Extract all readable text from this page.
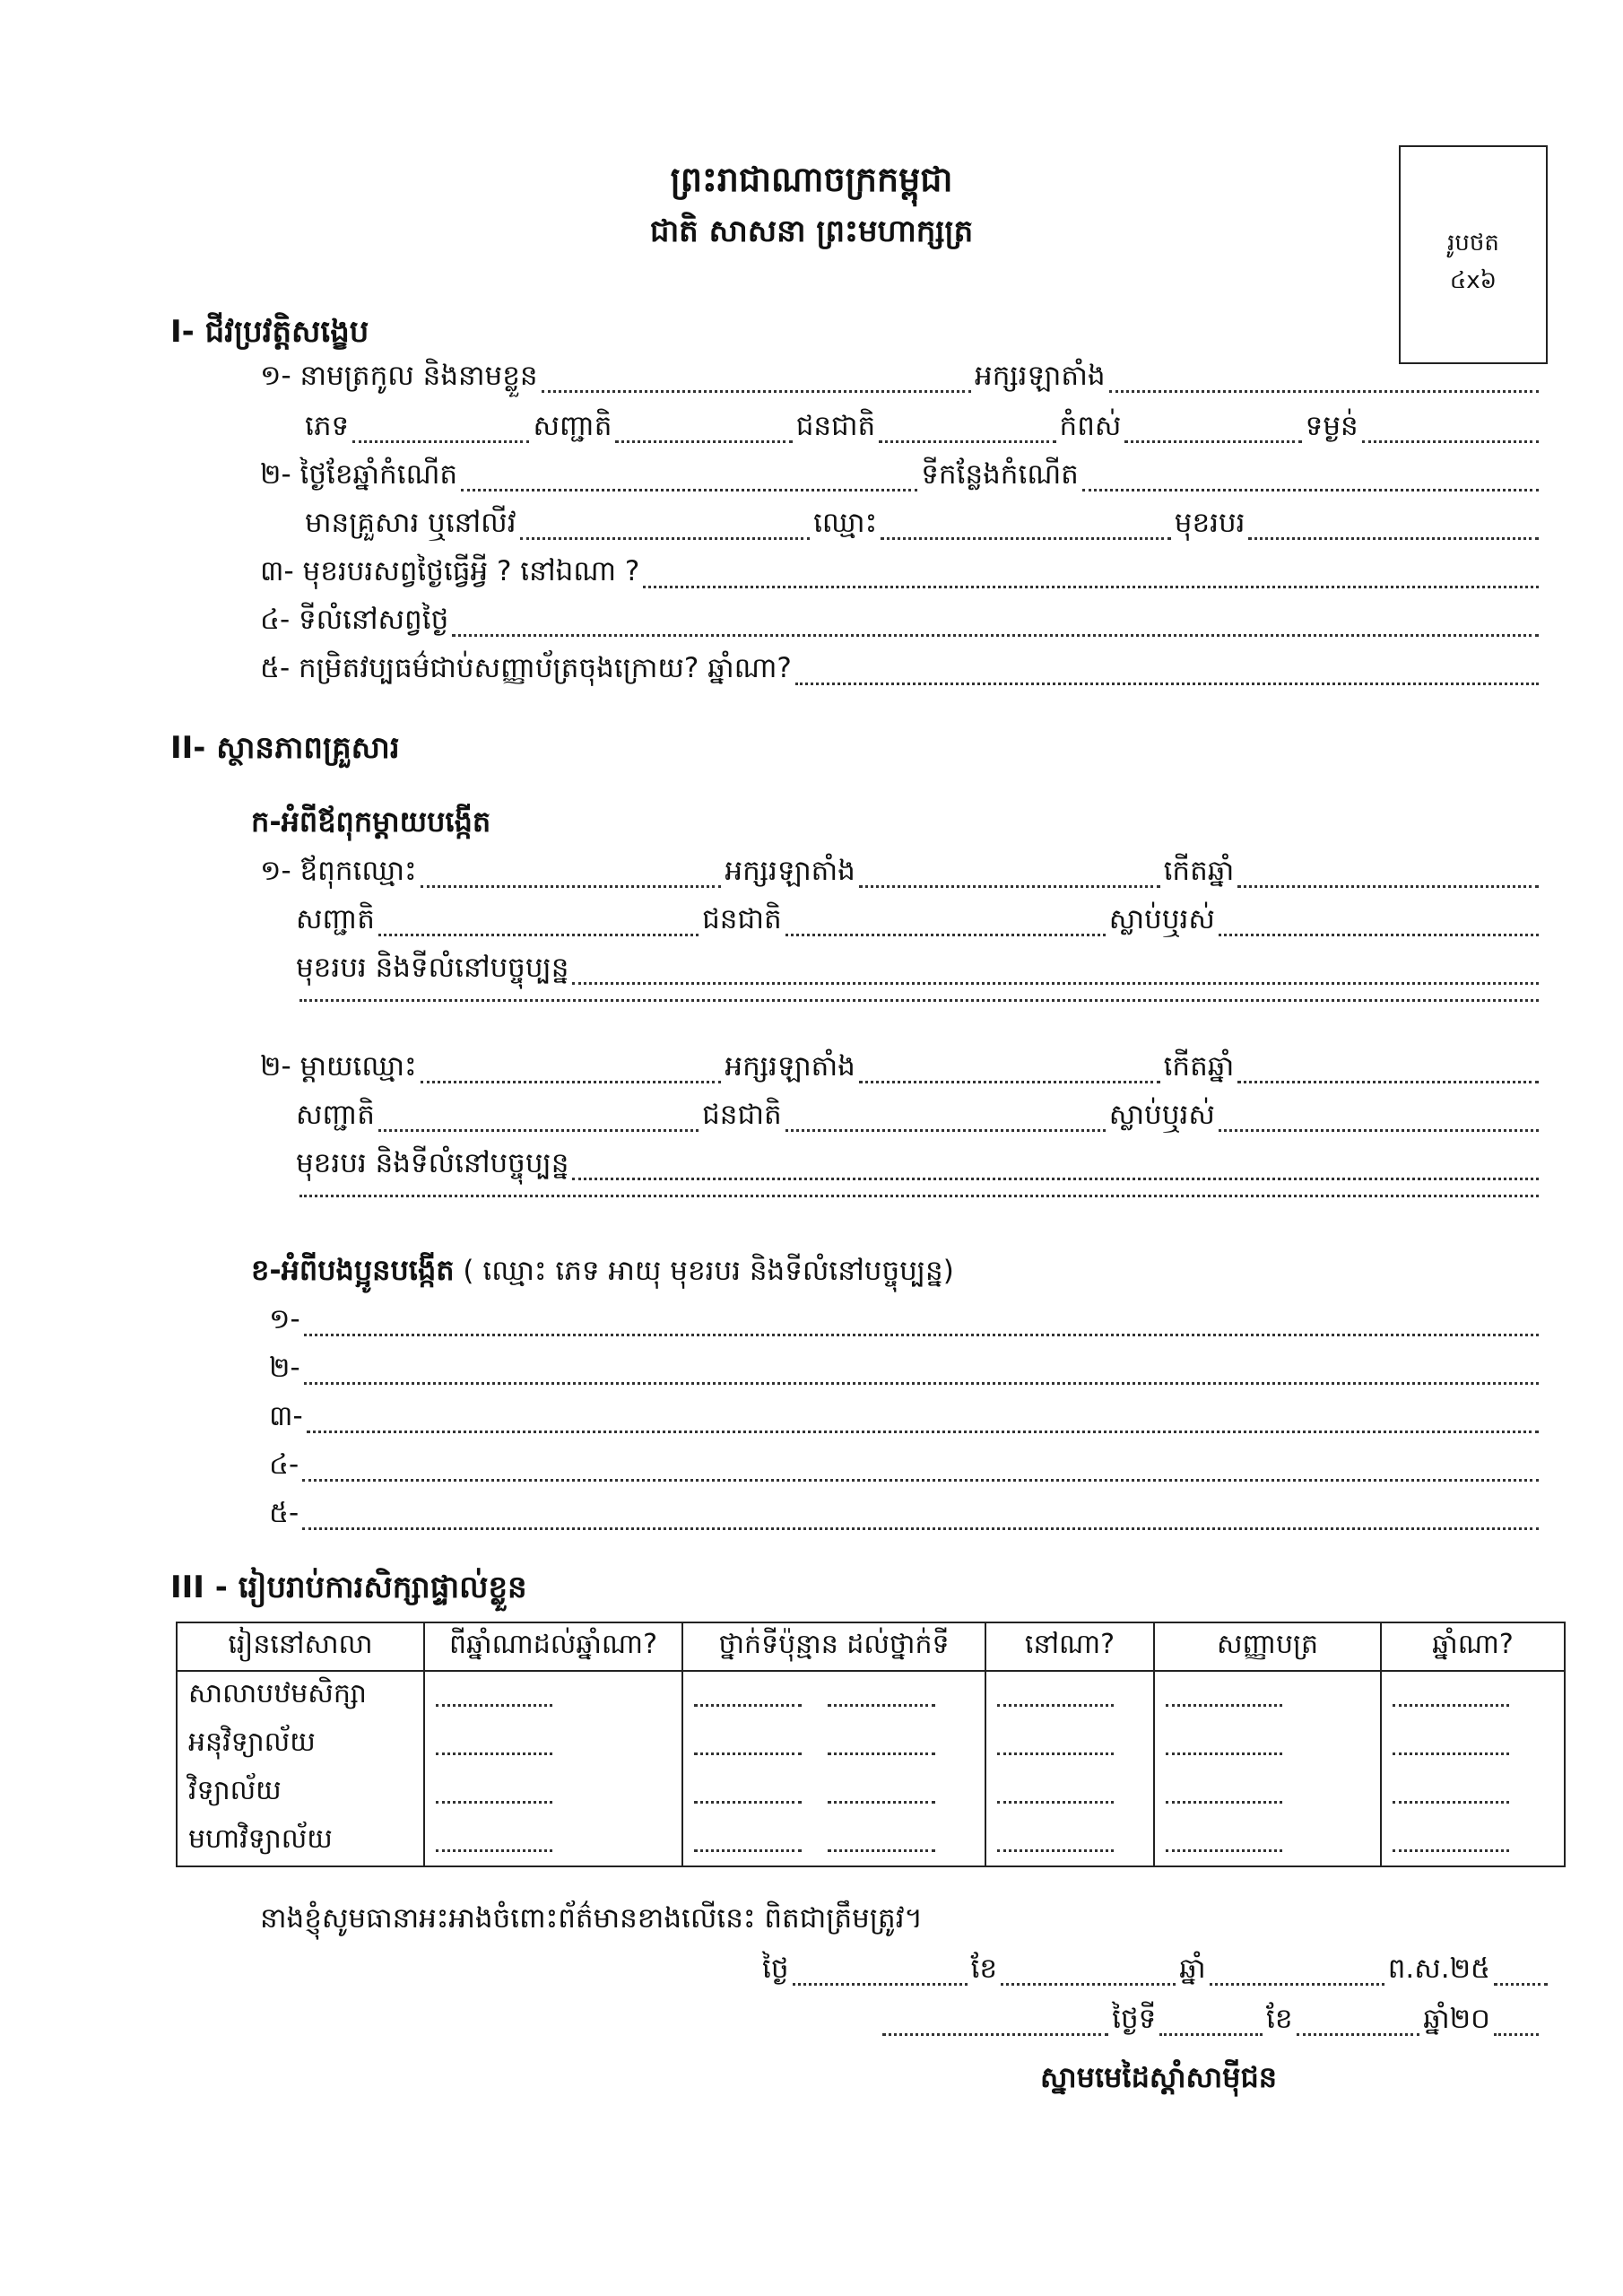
ព្រះរាជាណាចក្រកម្ពុជា
ជាតិ សាសនា ព្រះមហាក្សត្រ	រូបថត
៤x៦
I- ជីវប្រវត្តិសង្ខេប
១- នាមត្រកូល និងនាមខ្លួន	អក្សរឡាតាំង
ភេទ	សញ្ជាតិ	ជនជាតិ	កំពស់	ទម្ងន់
២- ថ្ងៃខែឆ្នាំកំណើត	ទីកន្លែងកំណើត
មានគ្រួសារ ឬនៅលីវ	ឈ្មោះ	មុខរបរ
៣- មុខរបរសព្វថ្ងៃធ្វើអ្វី ? នៅឯណា ?
៤- ទីលំនៅសព្វថ្ងៃ
៥- កម្រិតវប្បធម៌ជាប់សញ្ញាប័ត្រចុងក្រោយ? ឆ្នាំណា?
II- ស្ថានភាពគ្រួសារ
ក-អំពីឪពុកម្តាយបង្កើត
១- ឪពុកឈ្មោះ	អក្សរឡាតាំង	កើតឆ្នាំ
សញ្ជាតិ	ជនជាតិ	ស្លាប់ឬរស់
មុខរបរ និងទីលំនៅបច្ចុប្បន្ន
២- ម្តាយឈ្មោះ	អក្សរឡាតាំង	កើតឆ្នាំ
សញ្ជាតិ	ជនជាតិ	ស្លាប់ឬរស់
មុខរបរ និងទីលំនៅបច្ចុប្បន្ន
ខ-អំពីបងប្អូនបង្កើត ( ឈ្មោះ ភេទ អាយុ មុខរបរ និងទីលំនៅបច្ចុប្បន្ន)
១-
២-
៣-
៤-
៥-
III - រៀបរាប់ការសិក្សាផ្ទាល់ខ្លួន
រៀននៅសាលា	ពីឆ្នាំណាដល់ឆ្នាំណា?	ថ្នាក់ទីប៉ុន្មាន ដល់ថ្នាក់ទី	នៅណា?	សញ្ញាបត្រ	ឆ្នាំណា?
សាលាបឋមសិក្សា					
អនុវិទ្យាល័យ					
វិទ្យាល័យ					
មហាវិទ្យាល័យ					
នាងខ្ញុំសូមធានាអះអាងចំពោះព័ត៌មានខាងលើនេះ ពិតជាត្រឹមត្រូវ។
ថ្ងៃ	ខែ	ឆ្នាំ	ព.ស.២៥
ថ្ងៃទី	ខែ	ឆ្នាំ២០
ស្នាមមេដៃស្តាំសាម៉ីជន
